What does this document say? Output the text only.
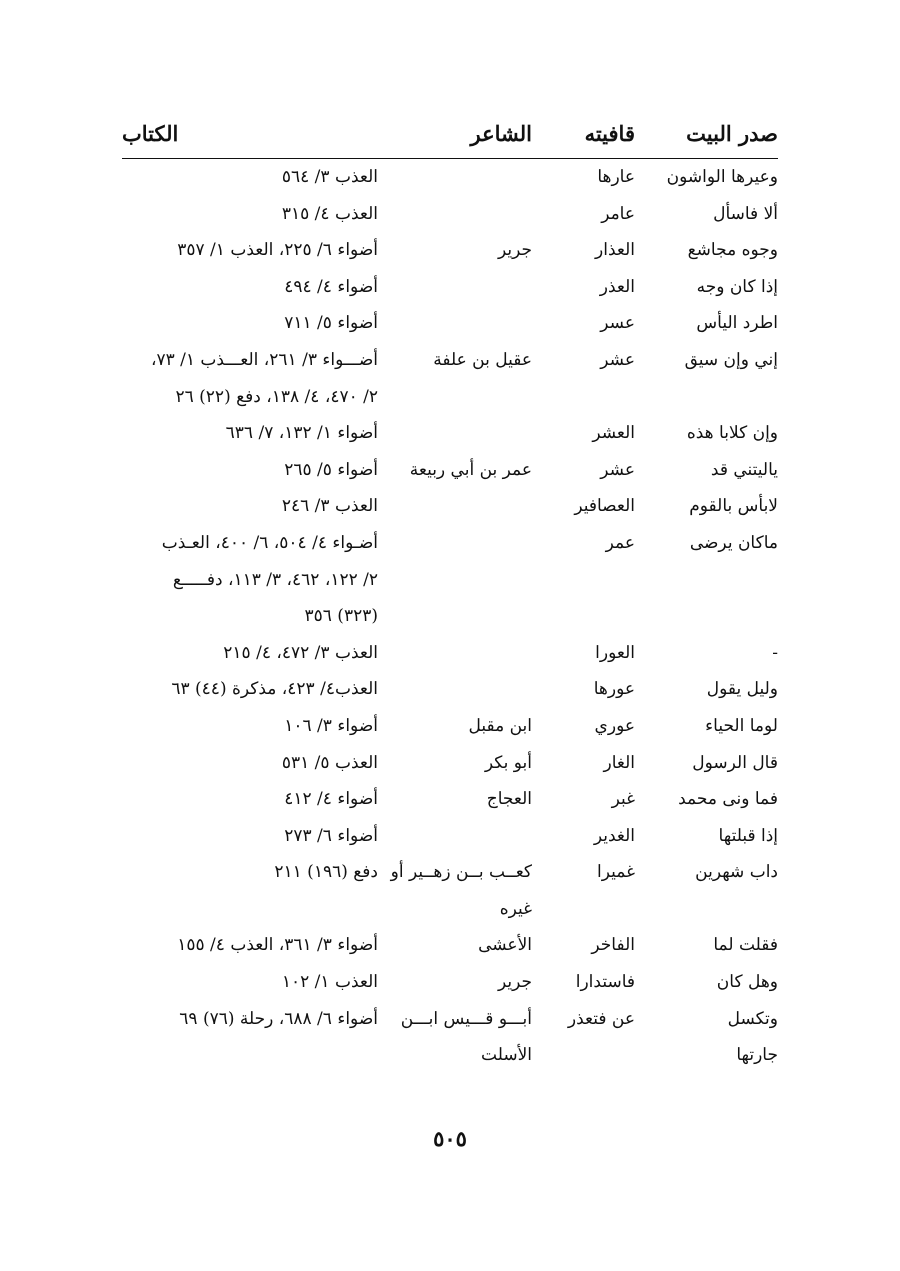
صدر البيت
قافيته
الشاعر
الكتاب
وعيرها الواشون
عارها
العذب ٣/ ٥٦٤
ألا فاسأل
عامر
العذب ٤/ ٣١٥
وجوه مجاشع
العذار
جرير
أضواء ٦/ ٢٢٥، العذب ١/ ٣٥٧
إذا كان وجه
العذر
أضواء ٤/ ٤٩٤
اطرد اليأس
عسر
أضواء ٥/ ٧١١
إني وإن سيق
عشر
عقيل بن علفة
أضـــواء ٣/ ٢٦١، العـــذب ١/ ٧٣،
٢/ ٤٧٠، ٤/ ١٣٨، دفع (٢٢) ٢٦
وإن كلابا هذه
العشر
أضواء ١/ ١٣٢، ٧/ ٦٣٦
ياليتني قد
عشر
عمر بن أبي ربيعة
أضواء ٥/ ٢٦٥
لابأس بالقوم
العصافير
العذب ٣/ ٢٤٦
ماكان يرضى
عمر
أضـواء ٤/ ٥٠٤، ٦/ ٤٠٠، العـذب
٢/ ١٢٢، ٤٦٢، ٣/ ١١٣، دفـــــع
(٣٢٣) ٣٥٦
-
العورا
العذب ٣/ ٤٧٢، ٤/ ٢١٥
وليل يقول
عورها
العذب٤/ ٤٢٣، مذكرة (٤٤) ٦٣
لوما الحياء
عوري
ابن مقبل
أضواء ٣/ ١٠٦
قال الرسول
الغار
أبو بكر
العذب ٥/ ٥٣١
فما ونى محمد
غبر
العجاج
أضواء ٤/ ٤١٢
إذا قبلتها
الغدير
أضواء ٦/ ٢٧٣
داب شهرين
غميرا
كعــب بــن زهــير أو
دفع (١٩٦) ٢١١
غيره
فقلت لما
الفاخر
الأعشى
أضواء ٣/ ٣٦١، العذب ٤/ ١٥٥
وهل كان
فاستدارا
جرير
العذب ١/ ١٠٢
وتكسل
عن فتعذر
أبـــو قـــيس ابـــن
أضواء ٦/ ٦٨٨، رحلة (٧٦) ٦٩
جارتها
الأسلت
٥٠٥
